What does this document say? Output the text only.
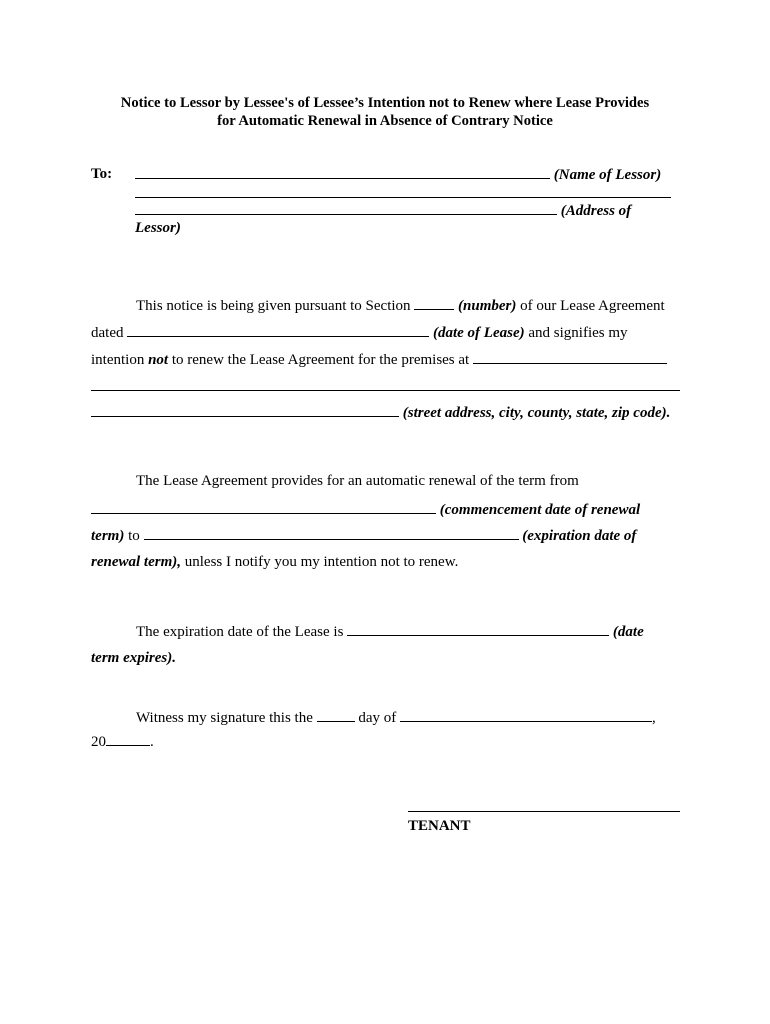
Notice to Lessor by Lessee's of Lessee’s Intention not to Renew where Lease Provides
for Automatic Renewal in Absence of Contrary Notice
To:	(Name of Lessor)
(Address of
Lessor)
This notice is being given pursuant to Section	(number) of our Lease Agreement
dated	(date of Lease) and signifies my
intention not to renew the Lease Agreement for the premises at
(street address, city, county, state, zip code).
The Lease Agreement provides for an automatic renewal of the term from
(commencement date of renewal
term) to	(expiration date of
renewal term), unless I notify you my intention not to renew.
The expiration date of the Lease is	(date
term expires).
Witness my signature this the	day of	,
20	.
TENANT
